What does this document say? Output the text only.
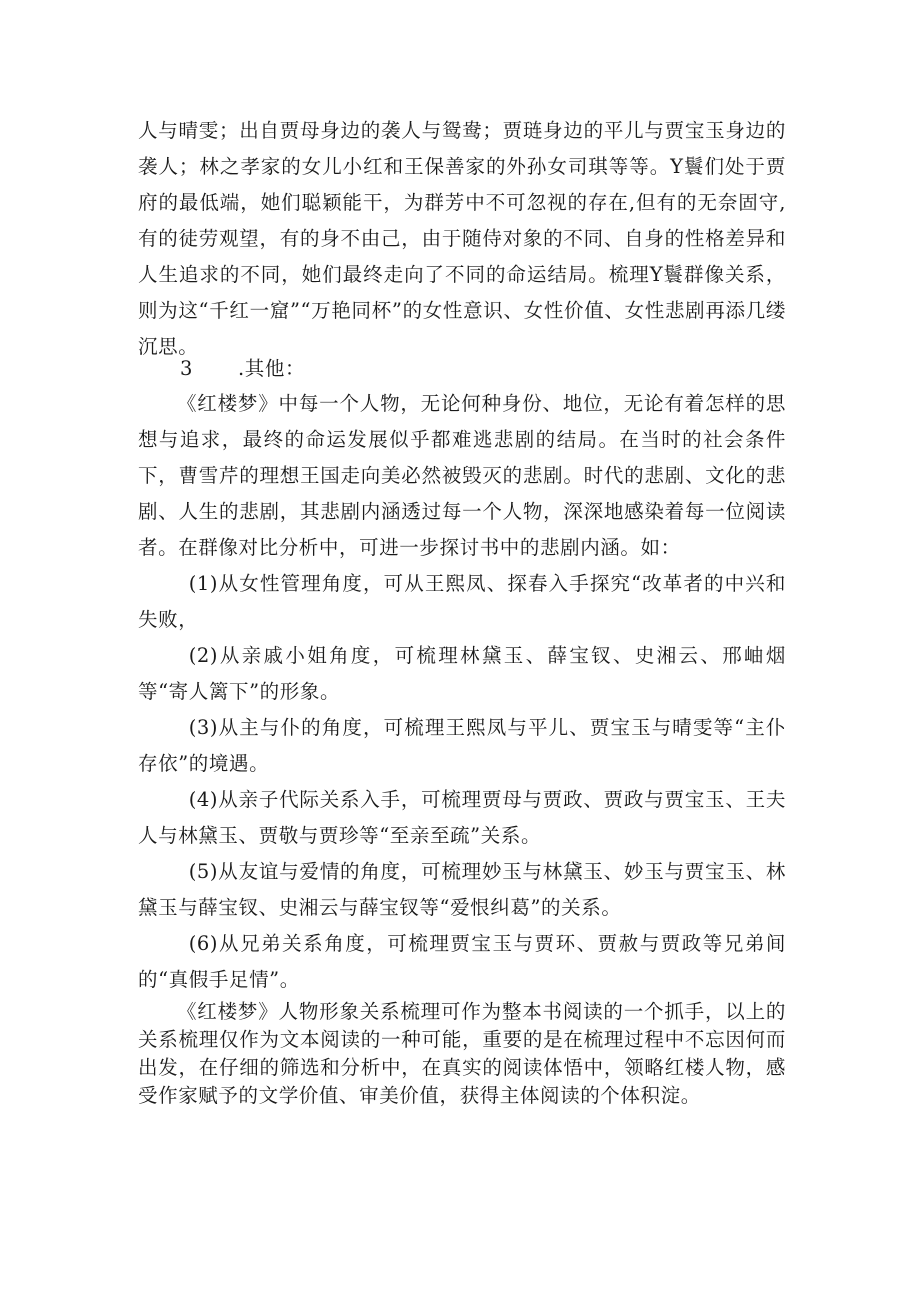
人与晴雯；出自贾母身边的袭人与鸳鸯；贾琏身边的平儿与贾宝玉身边的袭人；林之孝家的女儿小红和王保善家的外孙女司琪等等。Y鬟们处于贾府的最低端，她们聪颖能干，为群芳中不可忽视的存在,但有的无奈固守,有的徒劳观望，有的身不由己，由于随侍对象的不同、自身的性格差异和人生追求的不同，她们最终走向了不同的命运结局。梳理Y鬟群像关系，则为这“千红一窟”“万艳同杯”的女性意识、女性价值、女性悲剧再添几缕沉思。

3 .其他：

《红楼梦》中每一个人物，无论何种身份、地位，无论有着怎样的思想与追求，最终的命运发展似乎都难逃悲剧的结局。在当时的社会条件下，曹雪芹的理想王国走向美必然被毁灭的悲剧。时代的悲剧、文化的悲剧、人生的悲剧，其悲剧内涵透过每一个人物，深深地感染着每一位阅读者。在群像对比分析中，可进一步探讨书中的悲剧内涵。如：

(1)从女性管理角度，可从王熙凤、探春入手探究“改革者的中兴和失败，

(2)从亲戚小姐角度，可梳理林黛玉、薛宝钗、史湘云、邢岫烟等“寄人篱下”的形象。

(3)从主与仆的角度，可梳理王熙凤与平儿、贾宝玉与晴雯等“主仆存依”的境遇。

(4)从亲子代际关系入手，可梳理贾母与贾政、贾政与贾宝玉、王夫人与林黛玉、贾敬与贾珍等“至亲至疏”关系。

(5)从友谊与爱情的角度，可梳理妙玉与林黛玉、妙玉与贾宝玉、林黛玉与薛宝钗、史湘云与薛宝钗等“爱恨纠葛”的关系。

(6)从兄弟关系角度，可梳理贾宝玉与贾环、贾赦与贾政等兄弟间的“真假手足情”。

《红楼梦》人物形象关系梳理可作为整本书阅读的一个抓手，以上的关系梳理仅作为文本阅读的一种可能，重要的是在梳理过程中不忘因何而出发，在仔细的筛选和分析中，在真实的阅读体悟中，领略红楼人物，感受作家赋予的文学价值、审美价值，获得主体阅读的个体积淀。
